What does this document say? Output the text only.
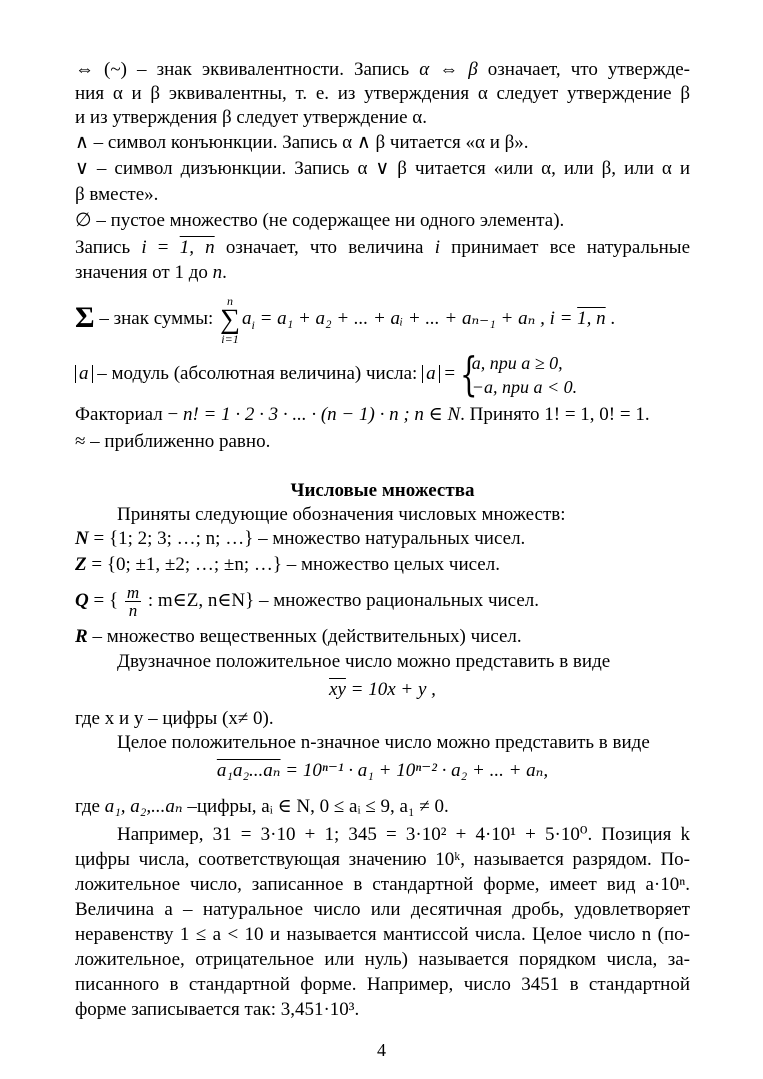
⇔ (~) – знак эквивалентности. Запись α ⇔ β означает, что утвержде-
ния α и β эквивалентны, т. е. из утверждения α следует утверждение β
и из утверждения β следует утверждение α.
∧ – символ конъюнкции. Запись α ∧ β читается «α и β».
∨ – символ дизъюнкции. Запись α ∨ β читается «или α, или β, или α и
β вместе».
∅ – пустое множество (не содержащее ни одного элемента).
Запись i = 1, n означает, что величина i принимает все натуральные
значения от 1 до n.
Σ – знак суммы:
n
∑
i=1
$a_i = a_1 + a_2$ + ... + aᵢ + ... + aₙ₋₁ + aₙ , i = 1, n .
a – модуль (абсолютная величина) числа: a = {
a, при a ≥ 0,
−a, при a < 0.
Факториал − n! = 1 · 2 · 3 · ... · (n − 1) · n ; n ∈ N. Принято 1! = 1, 0! = 1.
≈ – приближенно равно.
Числовые множества
Приняты следующие обозначения числовых множеств:
N = {1; 2; 3; …; n; …} – множество натуральных чисел.
Z = {0; ±1, ±2; …; ±n; …} – множество целых чисел.
Q = { $\frac{m}{n}$ : m∈Z, n∈N} – множество рациональных чисел.
R – множество вещественных (действительных) чисел.
Двузначное положительное число можно представить в виде
$\overline{xy} = 10x + y$ ,
где x и y – цифры (x≠ 0).
Целое положительное n-значное число можно представить в виде
a₁a₂...aₙ = 10ⁿ⁻¹ · a₁ + 10ⁿ⁻² · a₂ + ... + aₙ,
где a₁, a₂,...aₙ –цифры, aᵢ ∈ N, 0 ≤ aᵢ ≤ 9, a₁ ≠ 0.
Например, 31 = 3·10 + 1; 345 = 3·10² + 4·10¹ + 5·10⁰. Позиция k
цифры числа, соответствующая значению 10ᵏ, называется разрядом. По-
ложительное число, записанное в стандартной форме, имеет вид a·10ⁿ.
Величина a – натуральное число или десятичная дробь, удовлетворяет
неравенству 1 ≤ a < 10 и называется мантиссой числа. Целое число n (по-
ложительное, отрицательное или нуль) называется порядком числа, за-
писанного в стандартной форме. Например, число 3451 в стандартной
форме записывается так: 3,451·10³.
4
